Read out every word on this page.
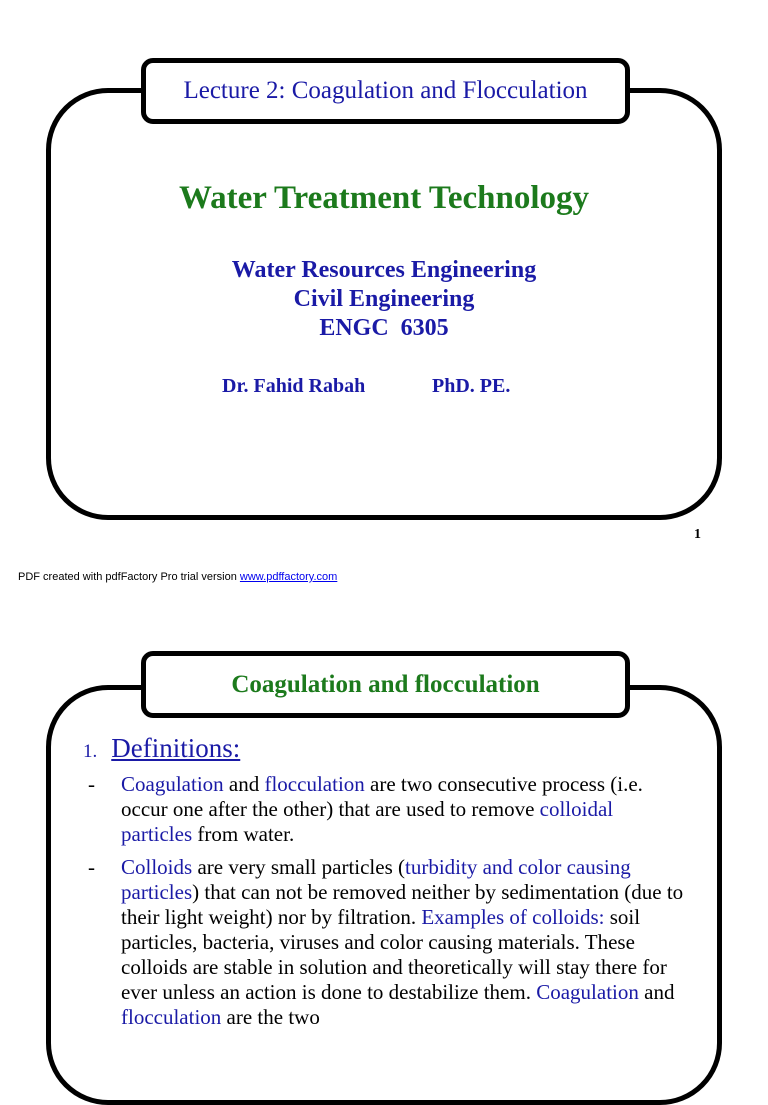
Lecture 2: Coagulation and Flocculation
Water Treatment Technology
Water Resources Engineering
Civil Engineering
ENGC  6305
Dr. Fahid Rabah	PhD. PE.
1
PDF created with pdfFactory Pro trial version www.pdffactory.com
Coagulation and flocculation
1. Definitions:
-	Coagulation and flocculation are two consecutive process (i.e. occur one after the other) that are used to remove colloidal particles from water.
-	Colloids are very small particles (turbidity and color causing particles) that can not be removed neither by sedimentation (due to their light weight) nor by filtration. Examples of colloids: soil particles, bacteria, viruses and color causing materials. These colloids are stable in solution and theoretically will stay there for ever unless an action is done to destabilize them. Coagulation and flocculation are the two
